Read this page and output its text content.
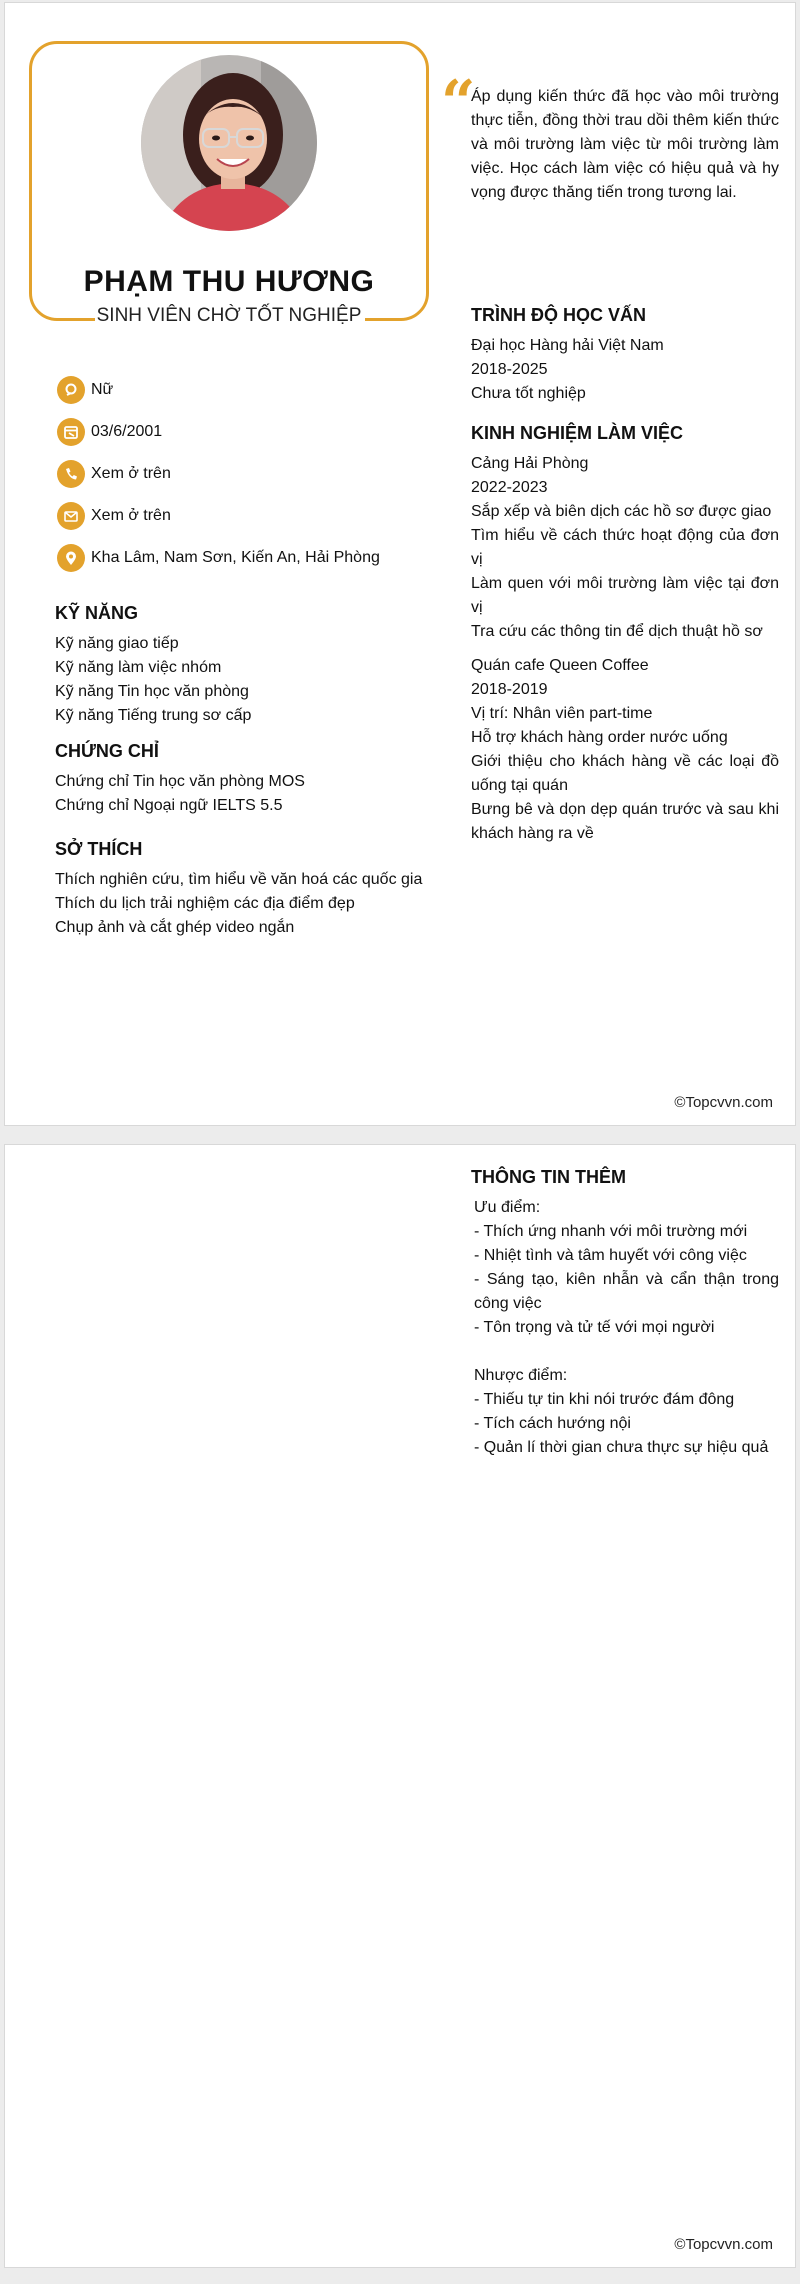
PHẠM THU HƯƠNG
SINH VIÊN CHỜ TỐT NGHIỆP
“
Áp dụng kiến thức đã học vào môi trường thực tiễn, đồng thời trau dồi thêm kiến thức và môi trường làm việc từ môi trường làm việc. Học cách làm việc có hiệu quả và hy vọng được thăng tiến trong tương lai.
Nữ
03/6/2001
Xem ở trên
Xem ở trên
Kha Lâm, Nam Sơn, Kiến An, Hải Phòng
KỸ NĂNG
Kỹ năng giao tiếp
Kỹ năng làm việc nhóm
Kỹ năng Tin học văn phòng
Kỹ năng Tiếng trung sơ cấp
CHỨNG CHỈ
Chứng chỉ Tin học văn phòng MOS
Chứng chỉ Ngoại ngữ IELTS 5.5
SỞ THÍCH
Thích nghiên cứu, tìm hiểu về văn hoá các quốc gia
Thích du lịch trải nghiệm các địa điểm đẹp
Chụp ảnh và cắt ghép video ngắn
TRÌNH ĐỘ HỌC VẤN
Đại học Hàng hải Việt Nam
2018-2025
Chưa tốt nghiệp
KINH NGHIỆM LÀM VIỆC
Cảng Hải Phòng
2022-2023
Sắp xếp và biên dịch các hồ sơ được giao
Tìm hiểu về cách thức hoạt động của đơn vị
Làm quen với môi trường làm việc tại đơn vị
Tra cứu các thông tin để dịch thuật hồ sơ
Quán cafe Queen Coffee
2018-2019
Vị trí: Nhân viên part-time
Hỗ trợ khách hàng order nước uống
Giới thiệu cho khách hàng về các loại đồ uống tại quán
Bưng bê và dọn dẹp quán trước và sau khi khách hàng ra về
©Topcvvn.com
THÔNG TIN THÊM
Ưu điểm:
- Thích ứng nhanh với môi trường mới
- Nhiệt tình và tâm huyết với công việc
- Sáng tạo, kiên nhẫn và cẩn thận trong công việc
- Tôn trọng và tử tế với mọi người
Nhược điểm:
- Thiếu tự tin khi nói trước đám đông
- Tích cách hướng nội
- Quản lí thời gian chưa thực sự hiệu quả
©Topcvvn.com
